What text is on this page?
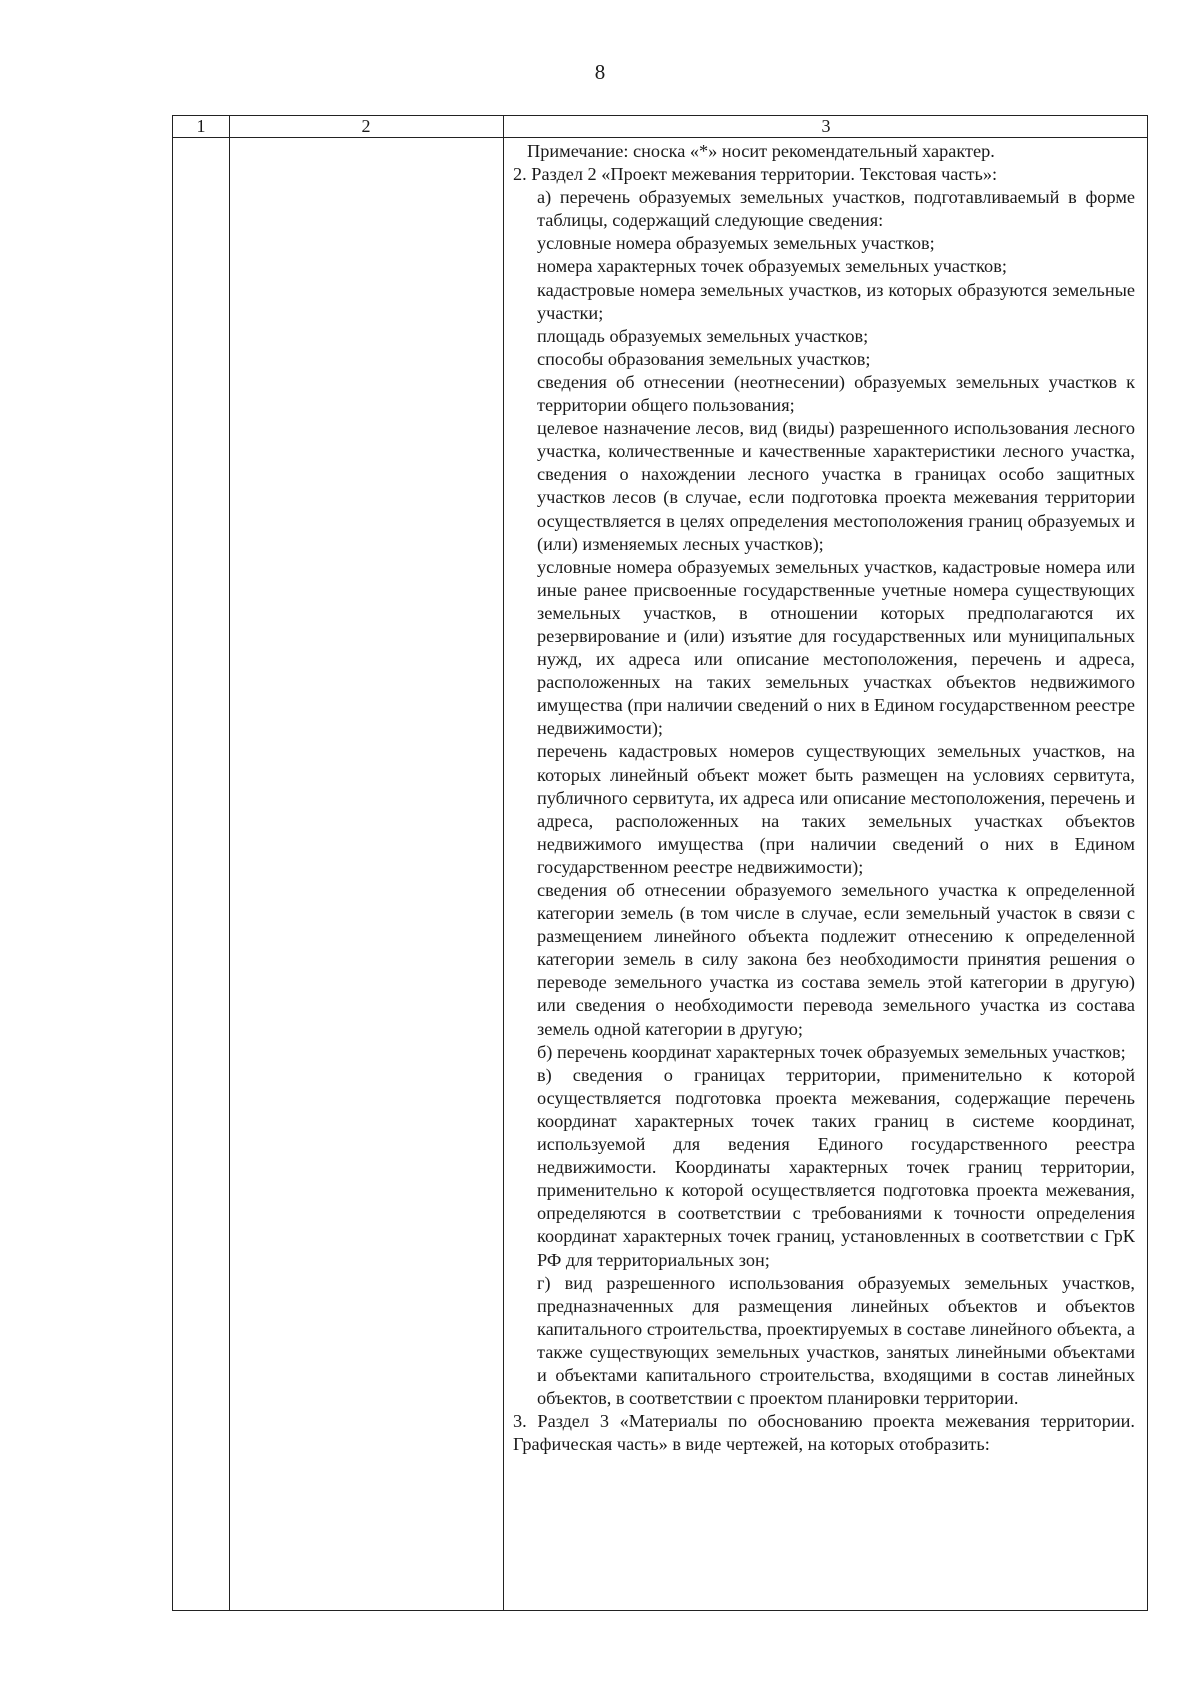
8
1	2	3

Примечание: сноска «*» носит рекомендательный характер.

2. Раздел 2 «Проект межевания территории. Текстовая часть»:

а) перечень образуемых земельных участков, подготавливаемый в форме таблицы, содержащий следующие сведения:

условные номера образуемых земельных участков;

номера характерных точек образуемых земельных участков;

кадастровые номера земельных участков, из которых образуются земельные участки;

площадь образуемых земельных участков;

способы образования земельных участков;

сведения об отнесении (неотнесении) образуемых земельных участков к территории общего пользования;

целевое назначение лесов, вид (виды) разрешенного использования лесного участка, количественные и качественные характеристики лесного участка, сведения о нахождении лесного участка в границах особо защитных участков лесов (в случае, если подготовка проекта межевания территории осуществляется в целях определения местоположения границ образуемых и (или) изменяемых лесных участков);

условные номера образуемых земельных участков, кадастровые номера или иные ранее присвоенные государственные учетные номера существующих земельных участков, в отношении которых предполагаются их резервирование и (или) изъятие для государственных или муниципальных нужд, их адреса или описание местоположения, перечень и адреса, расположенных на таких земельных участках объектов недвижимого имущества (при наличии сведений о них в Едином государственном реестре недвижимости);

перечень кадастровых номеров существующих земельных участков, на которых линейный объект может быть размещен на условиях сервитута, публичного сервитута, их адреса или описание местоположения, перечень и адреса, расположенных на таких земельных участках объектов недвижимого имущества (при наличии сведений о них в Едином государственном реестре недвижимости);

сведения об отнесении образуемого земельного участка к определенной категории земель (в том числе в случае, если земельный участок в связи с размещением линейного объекта подлежит отнесению к определенной категории земель в силу закона без необходимости принятия решения о переводе земельного участка из состава земель этой категории в другую) или сведения о необходимости перевода земельного участка из состава земель одной категории в другую;

б) перечень координат характерных точек образуемых земельных участков;

в) сведения о границах территории, применительно к которой осуществляется подготовка проекта межевания, содержащие перечень координат характерных точек таких границ в системе координат, используемой для ведения Единого государственного реестра недвижимости. Координаты характерных точек границ территории, применительно к которой осуществляется подготовка проекта межевания, определяются в соответствии с требованиями к точности определения координат характерных точек границ, установленных в соответствии с ГрК РФ для территориальных зон;

г) вид разрешенного использования образуемых земельных участков, предназначенных для размещения линейных объектов и объектов капитального строительства, проектируемых в составе линейного объекта, а также существующих земельных участков, занятых линейными объектами и объектами капитального строительства, входящими в состав линейных объектов, в соответствии с проектом планировки территории.

3. Раздел 3 «Материалы по обоснованию проекта межевания территории. Графическая часть» в виде чертежей, на которых отобразить:
